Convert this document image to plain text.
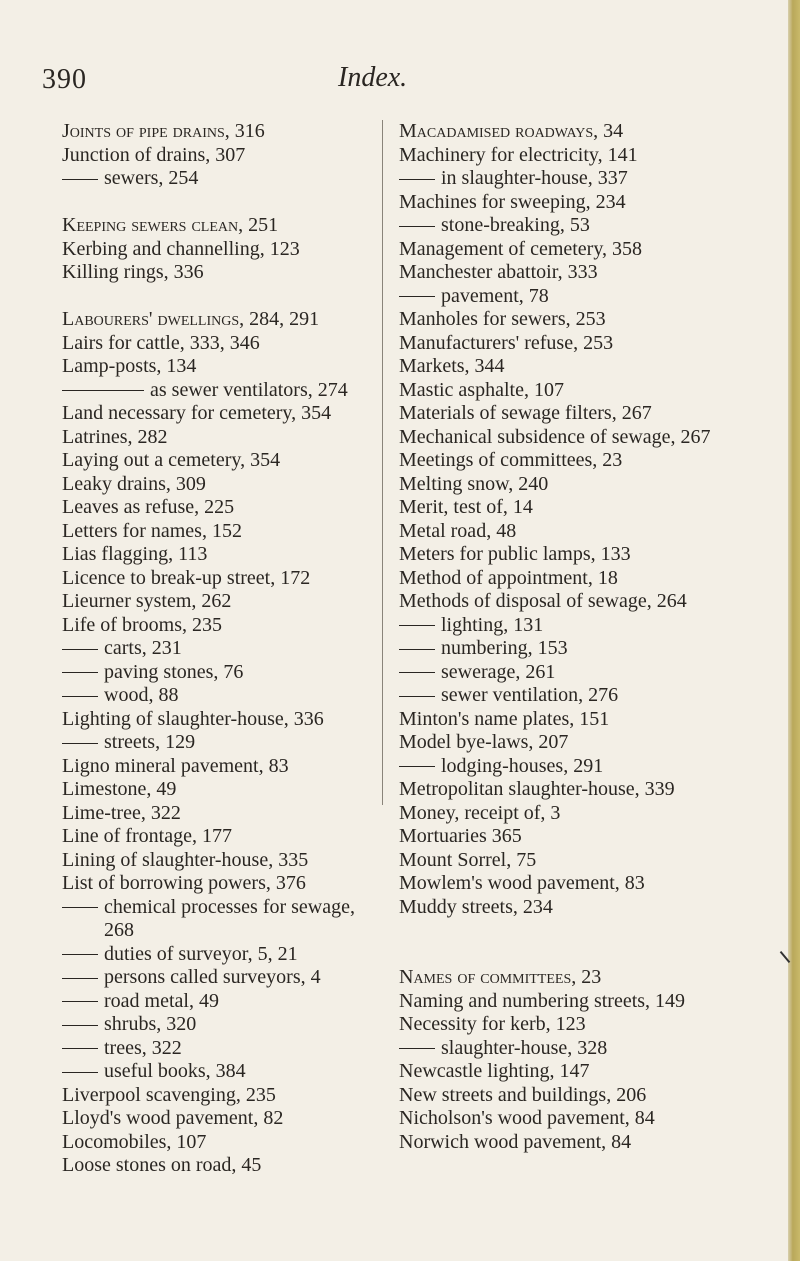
390	Index.
Joints of pipe drains, 316
Junction of drains, 307
sewers, 254
Keeping sewers clean, 251
Kerbing and channelling, 123
Killing rings, 336
Labourers' dwellings, 284, 291
Lairs for cattle, 333, 346
Lamp-posts, 134
as sewer ventilators, 274
Land necessary for cemetery, 354
Latrines, 282
Laying out a cemetery, 354
Leaky drains, 309
Leaves as refuse, 225
Letters for names, 152
Lias flagging, 113
Licence to break-up street, 172
Lieurner system, 262
Life of brooms, 235
carts, 231
paving stones, 76
wood, 88
Lighting of slaughter-house, 336
streets, 129
Ligno mineral pavement, 83
Limestone, 49
Lime-tree, 322
Line of frontage, 177
Lining of slaughter-house, 335
List of borrowing powers, 376
chemical processes for sewage, 268
duties of surveyor, 5, 21
persons called surveyors, 4
road metal, 49
shrubs, 320
trees, 322
useful books, 384
Liverpool scavenging, 235
Lloyd's wood pavement, 82
Locomobiles, 107
Loose stones on road, 45
Macadamised roadways, 34
Machinery for electricity, 141
in slaughter-house, 337
Machines for sweeping, 234
stone-breaking, 53
Management of cemetery, 358
Manchester abattoir, 333
pavement, 78
Manholes for sewers, 253
Manufacturers' refuse, 253
Markets, 344
Mastic asphalte, 107
Materials of sewage filters, 267
Mechanical subsidence of sewage, 267
Meetings of committees, 23
Melting snow, 240
Merit, test of, 14
Metal road, 48
Meters for public lamps, 133
Method of appointment, 18
Methods of disposal of sewage, 264
lighting, 131
numbering, 153
sewerage, 261
sewer ventilation, 276
Minton's name plates, 151
Model bye-laws, 207
lodging-houses, 291
Metropolitan slaughter-house, 339
Money, receipt of, 3
Mortuaries 365
Mount Sorrel, 75
Mowlem's wood pavement, 83
Muddy streets, 234
Names of committees, 23
Naming and numbering streets, 149
Necessity for kerb, 123
slaughter-house, 328
Newcastle lighting, 147
New streets and buildings, 206
Nicholson's wood pavement, 84
Norwich wood pavement, 84
